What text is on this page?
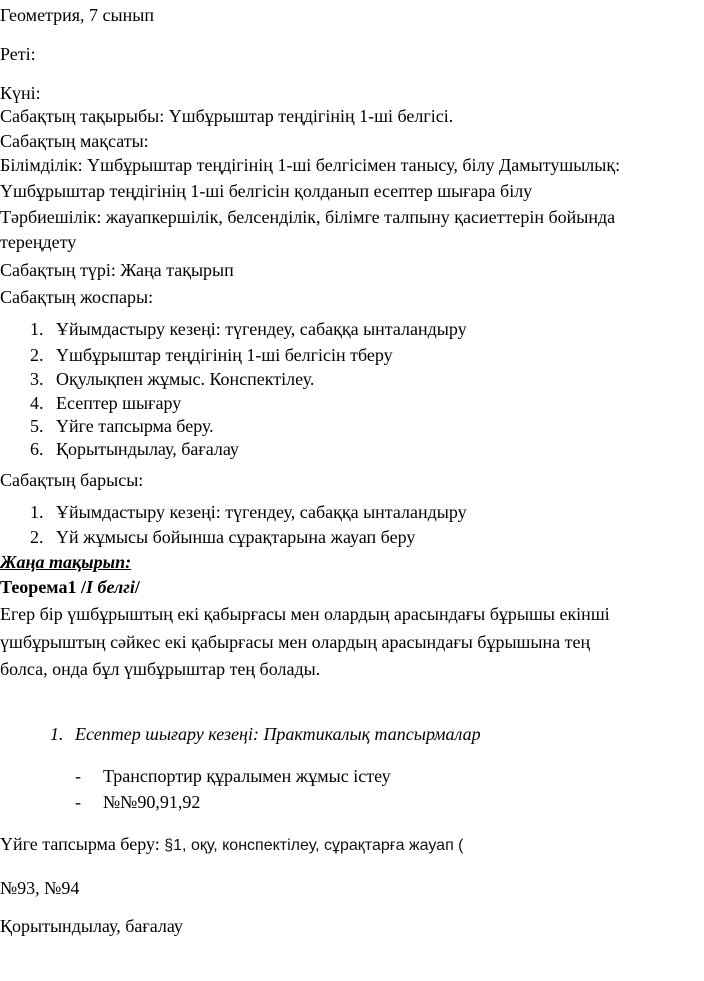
Геометрия, 7 сынып
Реті:
Күні:
Сабақтың тақырыбы: Үшбұрыштар теңдігінің 1-ші белгісі.
Сабақтың мақсаты:
Білімділік: Үшбұрыштар теңдігінің 1-ші белгісімен танысу, білу Дамытушылық:
Үшбұрыштар теңдігінің 1-ші белгісін қолданып есептер шығара білу
Тәрбиешілік: жауапкершілік, белсенділік, білімге талпыну қасиеттерін бойында
тереңдету
Сабақтың түрі: Жаңа тақырып
Сабақтың жоспары:
1. Ұйымдастыру кезеңі: түгендеу, сабаққа ынталандыру
2. Үшбұрыштар теңдігінің 1-ші белгісін тберу
3. Оқулықпен жұмыс. Конспектілеу.
4. Есептер шығару
5. Үйге тапсырма беру.
6. Қорытындылау, бағалау
Сабақтың барысы:
1. Ұйымдастыру кезеңі: түгендеу, сабаққа ынталандыру
2. Үй жұмысы бойынша сұрақтарына жауап беру
Жаңа тақырып:
Теорема1 /I белгі/
Егер бір үшбұрыштың екі қабырғасы мен олардың арасындағы бұрышы екінші
үшбұрыштың сәйкес екі қабырғасы мен олардың арасындағы бұрышына тең
болса, онда бұл үшбұрыштар тең болады.
1. Есептер шығару кезеңі: Практикалық тапсырмалар
- Транспортир құралымен жұмыс істеу
- №№90,91,92
Үйге тапсырма беру: §1, оқу, конспектілеу, сұрақтарға жауап (
№93, №94
Қорытындылау, бағалау
